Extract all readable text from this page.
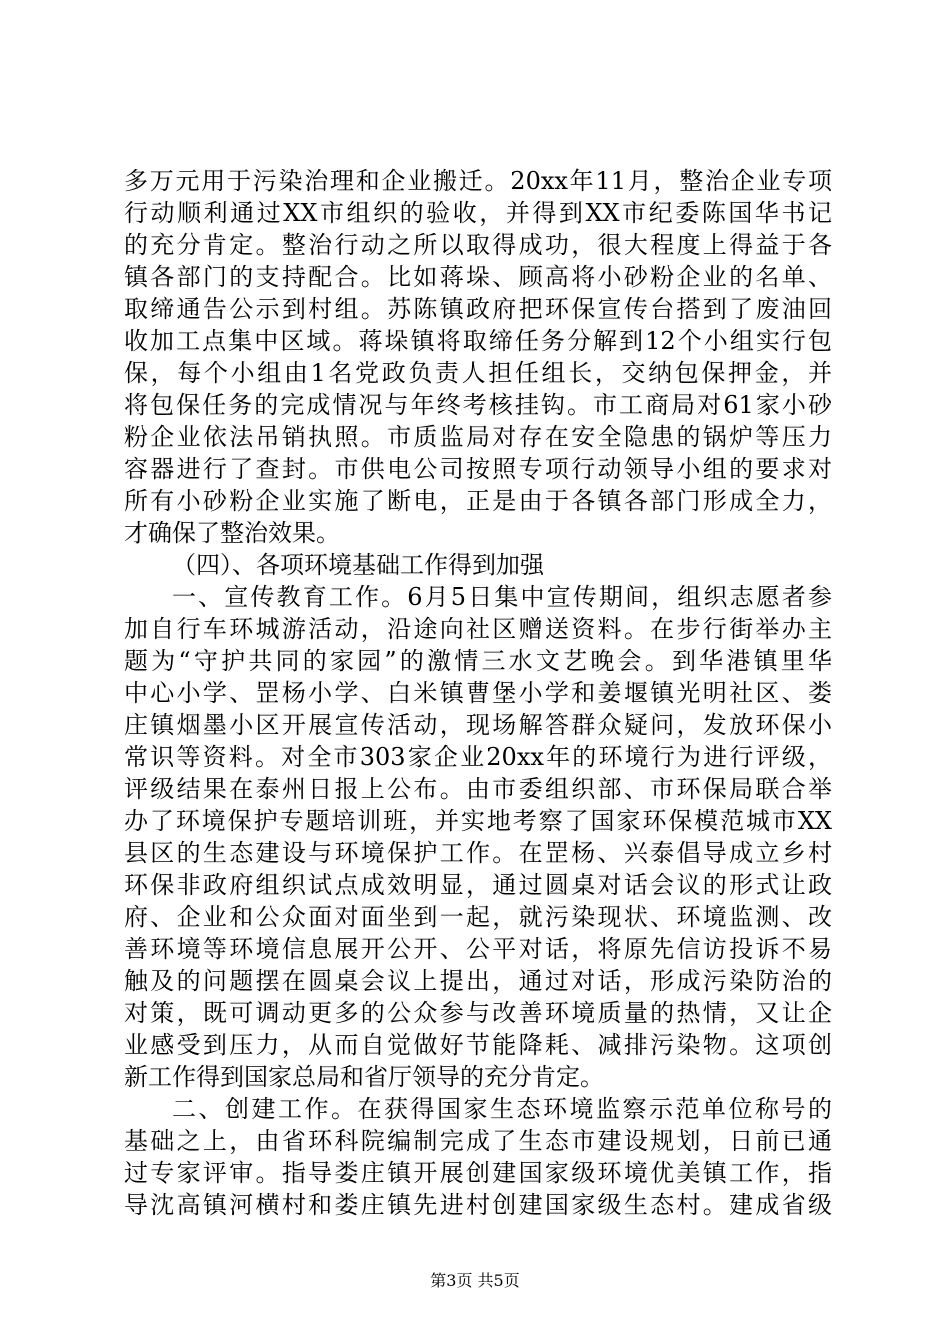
多万元用于污染治理和企业搬迁。20xx年11月，整治企业专项
行动顺利通过XX市组织的验收，并得到XX市纪委陈国华书记
的充分肯定。整治行动之所以取得成功，很大程度上得益于各
镇各部门的支持配合。比如蒋垛、顾高将小砂粉企业的名单、
取缔通告公示到村组。苏陈镇政府把环保宣传台搭到了废油回
收加工点集中区域。蒋垛镇将取缔任务分解到12个小组实行包
保，每个小组由1名党政负责人担任组长，交纳包保押金，并
将包保任务的完成情况与年终考核挂钩。市工商局对61家小砂
粉企业依法吊销执照。市质监局对存在安全隐患的锅炉等压力
容器进行了查封。市供电公司按照专项行动领导小组的要求对
所有小砂粉企业实施了断电，正是由于各镇各部门形成全力，
才确保了整治效果。
（四）、各项环境基础工作得到加强
一、宣传教育工作。6月5日集中宣传期间，组织志愿者参
加自行车环城游活动，沿途向社区赠送资料。在步行街举办主
题为“守护共同的家园”的激情三水文艺晚会。到华港镇里华
中心小学、罡杨小学、白米镇曹堡小学和姜堰镇光明社区、娄
庄镇烟墨小区开展宣传活动，现场解答群众疑问，发放环保小
常识等资料。对全市303家企业20xx年的环境行为进行评级，
评级结果在泰州日报上公布。由市委组织部、市环保局联合举
办了环境保护专题培训班，并实地考察了国家环保模范城市XX
县区的生态建设与环境保护工作。在罡杨、兴泰倡导成立乡村
环保非政府组织试点成效明显，通过圆桌对话会议的形式让政
府、企业和公众面对面坐到一起，就污染现状、环境监测、改
善环境等环境信息展开公开、公平对话，将原先信访投诉不易
触及的问题摆在圆桌会议上提出，通过对话，形成污染防治的
对策，既可调动更多的公众参与改善环境质量的热情，又让企
业感受到压力，从而自觉做好节能降耗、减排污染物。这项创
新工作得到国家总局和省厅领导的充分肯定。
二、创建工作。在获得国家生态环境监察示范单位称号的
基础之上，由省环科院编制完成了生态市建设规划，日前已通
过专家评审。指导娄庄镇开展创建国家级环境优美镇工作，指
导沈高镇河横村和娄庄镇先进村创建国家级生态村。建成省级
第3页 共5页
